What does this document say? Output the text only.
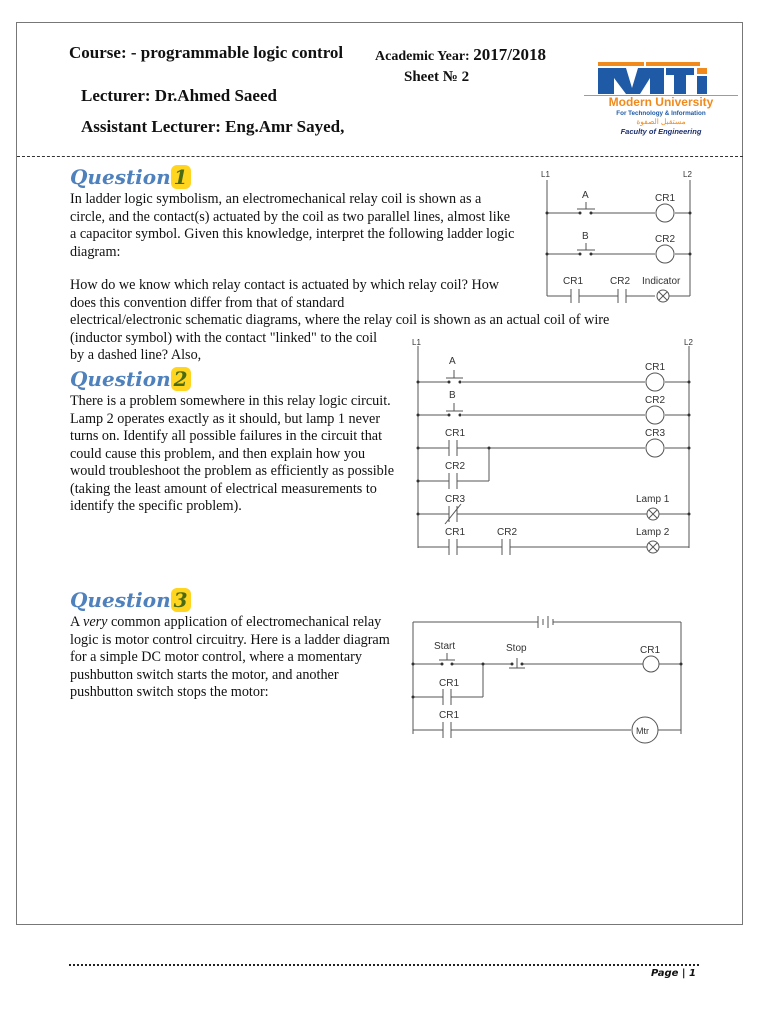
Course: - programmable logic control Academic Year: 2017/2018
Sheet № 2
Lecturer: Dr.Ahmed Saeed
Assistant Lecturer: Eng.Amr Sayed,
Modern University
For Technology & Information
مستقبل الصفوة
Faculty of Engineering
Question 1

In ladder logic symbolism, an electromechanical relay coil is shown as a circle, and the contact(s) actuated by the coil as two parallel lines, almost like a capacitor symbol. Given this knowledge, interpret the following ladder logic diagram:

How do we know which relay contact is actuated by which relay coil? How does this convention differ from that of standard
electrical/electronic schematic diagrams, where the relay coil is shown as an actual coil of wire
(inductor symbol) with the contact "linked" to the coil by a dashed line? Also,

L1	L2
A	CR1
B	CR2
CR1	CR2 Indicator
Question 2

There is a problem somewhere in this relay logic circuit. Lamp 2 operates exactly as it should, but lamp 1 never turns on. Identify all possible failures in the circuit that could cause this problem, and then explain how you would troubleshoot the problem as efficiently as possible (taking the least amount of electrical measurements to identify the specific problem).

L1	L2
A
CR1
B	CR2
CR1	CR3
CR2
CR3	Lamp 1
CR1	CR2	Lamp 2
Question 3

A very common application of electromechanical relay logic is motor control circuitry. Here is a ladder diagram for a simple DC motor control, where a momentary pushbutton switch starts the motor, and another pushbutton switch stops the motor:

Start	Stop	CR1
CR1
CR1
Mtr
Page | 1
